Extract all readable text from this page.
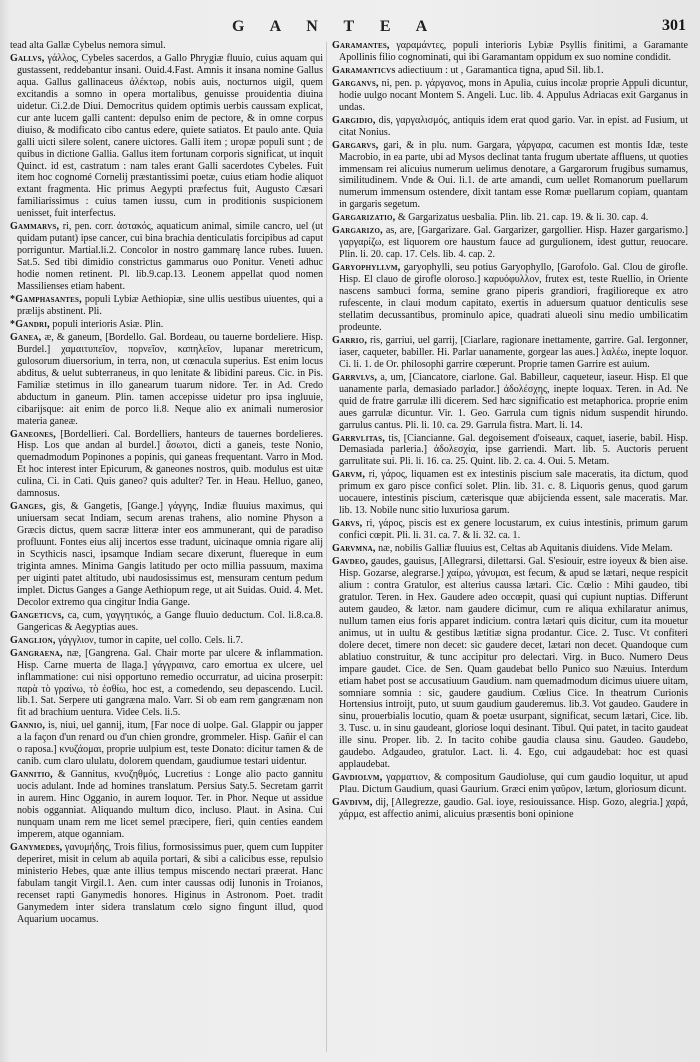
G A N T E A	301

tead alta Gallæ Cybelus nemora simul.

Gallvs, γάλλος, Cybeles sacerdos, a Gallo Phrygiæ fluuio, cuius aquam qui gustassent, reddebantur insani. Ouid.4.Fast. Amnis it insana nomine Gallus aqua. Gallus gallinaceus ἀλέκτωρ, nobis auis, nocturnos uigil, quem excitandis a somno in opera mortalibus, genuisse prouidentia diuina uidetur. Ci.2.de Diui. Democritus quidem optimis uerbis caussam explicat, cur ante lucem galli cantent: depulso enim de pectore, & in omne corpus diuiso, & modificato cibo cantus edere, quiete satiatos. Et paulo ante. Quia galli uicti silere solent, canere uictores. Galli item ; uropæ populi sunt ; de quibus in dictione Gallia. Gallus item fortunam corporis significat, ut inquit Quinct. id est, castratum : nam tales erant Galli sacerdotes Cybeles. Fuit item hoc cognomé Cornelij præstantissimi poetæ, cuius etiam hodie aliquot extant fragmenta. Hic primus Aegypti præfectus fuit, Augusto Cæsari familiarissimus : cuius tamen iussu, cum in proditionis suspicionem uenisset, fuit interfectus.

Gammarvs, ri, pen. corr. ἀστακός, aquaticum animal, simile cancro, uel (ut quidam putant) ipse cancer, cui bina brachia denticulatis forcipibus ad caput porriguntur. Martial.li.2. Concolor in nostro gammarę lance rubes. Iuuen. Sat.5. Sed tibi dimidio constrictus gammarus ouo Ponitur. Veneti adhuc hodie nomen retinent. Pl. lib.9.cap.13. Leonem appellat quod nomen Massilienses etiam habent.

*Gamphasantes, populi Lybiæ Aethiopiæ, sine ullis uestibus uiuentes, qui a prælijs abstinent. Pli.

*Gandri, populi interioris Asiæ. Plin.

Ganea, æ, & ganeum, [Bordello. Gal. Bordeau, ou tauerne bordeliere. Hisp. Burdel.] χαμαιτυπεῖον, πορνεῖον, καπηλεῖον, lupanar meretricum, gulosorum diuersorium, in terra, non, ut cœnacula superius. Est enim locus abditus, & uelut subterraneus, in quo lenitate & libidini pareus. Cic. in Pis. Familiæ stetimus in illo ganearum tuarum nidore. Ter. in Ad. Credo abductum in ganeum. Plin. tamen accepisse uidetur pro ipsa ingluuie, cibarijsque: ait enim de porco li.8. Neque alio ex animali numerosior materia ganeæ.

Ganeones, [Bordellieri. Cal. Bordelliers, hanteurs de tauernes bordelieres. Hisp. Los que andan al burdel.] ἄσωτοι, dicti a ganeis, teste Nonio, quemadmodum Popinones a popinis, qui ganeas frequentant. Varro in Mod. Et hoc interest inter Epicurum, & ganeones nostros, quib. modulus est uitæ culina, Ci. in Cati. Quis ganeo? quis adulter? Ter. in Heau. Helluo, ganeo, damnosus.

Ganges, gis, & Gangetis, [Gange.] γάγγης, Indiæ fluuius maximus, qui uniuersam secat Indiam, secum arenas trahens, alio nomine Physon a Græcis dictus, quem sacræ litteræ inter eos ammunerant, qui de paradiso profluunt. Fontes eius alij incertos esse tradunt, uicinaque omnia rigare alij in Scythicis nasci, ipsamque Indiam secare dixerunt, fluereque in eum triginta amnes. Minima Gangis latitudo per octo millia passuum, maxima per uiginti patet altitudo, ubi naudosissimus est, mensuram centum pedum implet. Dictus Ganges a Gange Aethiopum rege, ut ait Suidas. Ouid. 4. Met. Decolor extremo qua cingitur India Gange.

Gangeticvs, ca, cum, γαγγητικός, a Gange fluuio deductum. Col. li.8.ca.8. Gangericas & Aegyptias aues.

Ganglion, γάγγλιον, tumor in capite, uel collo. Cels. li.7.

Gangraena, næ, [Gangrena. Gal. Chair morte par ulcere & inflammation. Hisp. Carne muerta de llaga.] γάγγραινα, caro emortua ex ulcere, uel inflammatione: cui nisi opportuno remedio occurratur, ad uicina proserpit: παρὰ τὸ γραίνω, τὸ ἐσθίω, hoc est, a comedendo, seu depascendo. Lucil. lib.1. Sat. Serpere uti gangræna malo. Varr. Si ob eam rem gangrænam non fit ad brachium uentura. Videe Cels. li.5.

Gannio, is, niui, uel gannij, itum, [Far noce di uolpe. Gal. Glappir ou japper a la façon d'un renard ou d'un chien grondre, grommeler. Hisp. Gañir el can o raposa.] κνυζάομαι, proprie uulpium est, teste Donato: dicitur tamen & de canib. cum claro ululatu, dolorem quendam, gaudiumue testari uidentur.

Gannitio, & Gannitus, κνυζηθμός, Lucretius : Longe alio pacto gannitu uocis adulant. Inde ad homines translatum. Persius Saty.5. Secretam garrit in aurem. Hinc Ogganio, in aurem loquor. Ter. in Phor. Neque ut assidue nobis ogganniat. Aliquando multum dico, incluso. Plaut. in Asina. Cui nunquam unam rem me licet semel præcipere, fieri, quin centies eandem imperem, atque oganniam.

Ganymedes, γανυμήδης, Trois filius, formosissimus puer, quem cum Iuppiter deperiret, misit in celum ab aquila portari, & sibi a calicibus esse, repulsio ministerio Hebes, quæ ante illius tempus miscendo nectari præerat. Hanc fabulam tangit Virgil.1. Aen. cum inter caussas odij Iunonis in Troianos, recenset rapti Ganymedis honores. Higinus in Astronom. Poet. tradit Ganymedem inter sidera translatum cœlo signo fingunt illud, quod Aquarium uocamus.

Garamantes, γαραμάντες, populi interioris Lybiæ Psyllis finitimi, a Garamante Apollinis filio cognominati, qui ibi Garamantam oppidum ex suo nomine condidit.

Garamanticvs adiectiuum : ut , Garamantica tigna, apud Sil. lib.1.

Garganvs, ni, pen. p. γάργανος, mons in Apulia, cuius incolæ proprie Appuli dicuntur, hodie uulgo nocant Montem S. Angeli. Luc. lib. 4. Appulus Adriacas exit Garganus in undas.

Gargidio, dis, γαργαλισμός, antiquis idem erat quod gario. Var. in epist. ad Fusium, ut citat Nonius.

Gargarvs, gari, & in plu. num. Gargara, γάργαρα, cacumen est montis Idæ, teste Macrobio, in ea parte, ubi ad Mysos declinat tanta frugum ubertate affluens, ut quoties immensam rei alicuius numerum uelimus denotare, a Gargarorum frugibus sumamus, similitudinem. Vnde & Oui. li.1. de arte amandi, cum uellet Romanorum puellarum numerum immensum ostendere, dixit tantam esse Romæ puellarum copiam, quantam in gargaris segetum.

Gargarizatio, & Gargarizatus uesbalia. Plin. lib. 21. cap. 19. & li. 30. cap. 4.

Gargarizo, as, are, [Gargarizare. Gal. Gargarizer, gargollier. Hisp. Hazer gargarismo.] γαργαρίζω, est liquorem ore haustum fauce ad gurgulionem, idest guttur, reuocare. Plin. li. 20. cap. 17. Cels. lib. 4. cap. 2.

Garyophyllvm, garyophylli, seu potius Garyophyllo, [Garofolo. Gal. Clou de girofle. Hisp. El clauo de girofle oloroso.] καρυόφυλλον, frutex est, teste Ruellio, in Oriente nascens sambuci forma, semine grano piperis grandiori, fragilioreque ex atro rufescente, in claui modum capitato, exertis in aduersum quatuor denticulis sese stellatim decussantibus, prominulo apice, quadrati alueoli sinu medio umbilicatim prodeunte.

Garrio, ris, garriui, uel garrij, [Ciarlare, ragionare inettamente, garrire. Gal. Iergonner, iaser, caqueter, babiller. Hi. Parlar uanamente, gorgear las aues.] λαλέω, inepte loquor. Ci. li. 1. de Or. philosophi garrire cœperunt. Proprie tamen Garrire est auium.

Garrvlvs, a, um, [Ciancatore, ciarlone. Gal. Babilleur, caqueteur, iaseur. Hisp. El que uanamente parla, demasiado parlador.] ἀδολέσχης, inepte loquax. Teren. in Ad. Ne quid de fratre garrulæ illi dicerem. Sed hæc significatio est metaphorica. proprie enim aues garrulæ dicuntur. Vir. 1. Geo. Garrula cum tignis nidum suspendit hirundo. garrulus cantus. Pli. li. 10. ca. 29. Garrula fistra. Mart. li. 14.

Garrvlitas, tis, [Ciancianne. Gal. degoisement d'oiseaux, caquet, iaserie, babil. Hisp. Demasiada parleria.] ἀδολεσχία, ipse garriendi. Mart. lib. 5. Auctoris peruent garrulitate sui. Pli. li. 16. ca. 25. Quint. lib. 2. ca. 4. Oui. 5. Metam.

Garvm, ri, γάρος, liquamen est ex intestinis piscium sale maceratis, ita dictum, quod primum ex garo pisce conficí solet. Plin. lib. 31. c. 8. Liquoris genus, quod garum uocauere, intestinis piscium, cæterisque quæ abijcienda essent, sale maceratis. Mar. lib. 13. Nobile nunc sitio luxuriosa garum.

Garvs, ri, γάρος, piscis est ex genere locustarum, ex cuius intestinis, primum garum confici cœpit. Pli. li. 31. ca. 7. & li. 32. ca. 1.

Garvmna, næ, nobilis Galliæ fluuius est, Celtas ab Aquitanis diuidens. Vide Melam.

Gavdeo, gaudes, gauisus, [Allegrarsi, dilettarsi. Gal. S'esiouir, estre ioyeux & bien aise. Hisp. Gozarse, alegrarse.] χαίρω, γάνυμαι, est fecum, & apud se lætari, neque respicit alium : contra Gratulor, est alterius caussa lætari. Cic. Cœlio : Mihi gaudeo, tibi gratulor. Teren. in Hex. Gaudere adeo occœpit, quasi qui cupiunt nuptias. Differunt autem gaudeo, & lætor. nam gaudere dicimur, cum re aliqua exhilaratur animus, nullum tamen eius foris apparet indicium. contra lætari quis dicitur, cum ita mouetur animus, ut in uultu & gestibus lætitiæ signa prodantur. Cice. 2. Tusc. Vt confiteri dolere decet, timere non decet: sic gaudere decet, lætari non decet. Quandoque cum ablatiuo construitur, & tunc accipitur pro delectari. Virg. in Buco. Numero Deus impare gaudet. Cice. de Sen. Quam gaudebat bello Punico suo Næuius. Interdum etiam habet post se accusatiuum Gaudium. nam quemadmodum dicimus uiuere uitam, somniare somnia : sic, gaudere gaudium. Cœlius Cice. In theatrum Curionis Hortensius introijt, puto, ut suum gaudium gauderemus. lib.3. Vot gaudeo. Gaudere in sinu, prouerbialis locutio, quam & poetæ usurpant, significat, secum lætari, Cice. lib. 3. Tusc. u. in sinu gaudeant, gloriose loqui desinant. Tibul. Qui patet, in tacito gaudeat ille sinu. Proper. lib. 2. In tacito cohibe gaudia clausa sinu. Gaudeo. Gaudebo, gaudebo. Adgaudeo, gratulor. Lact. li. 4. Ego, cui adgaudebat: hoc est quasi applaudebat.

Gavdiolvm, γαρματιον, & compositum Gaudioluse, qui cum gaudio loquitur, ut apud Plau. Dictum Gaudium, quasi Gaurium. Græci enim γαῦρον, lætum, gloriosum dicunt.

Gavdivm, dij, [Allegrezze, gaudio. Gal. ioye, resiouissance. Hisp. Gozo, alegria.] χαρά, χάρμα, est affectio animi, alicuius præsentis boni opinione
